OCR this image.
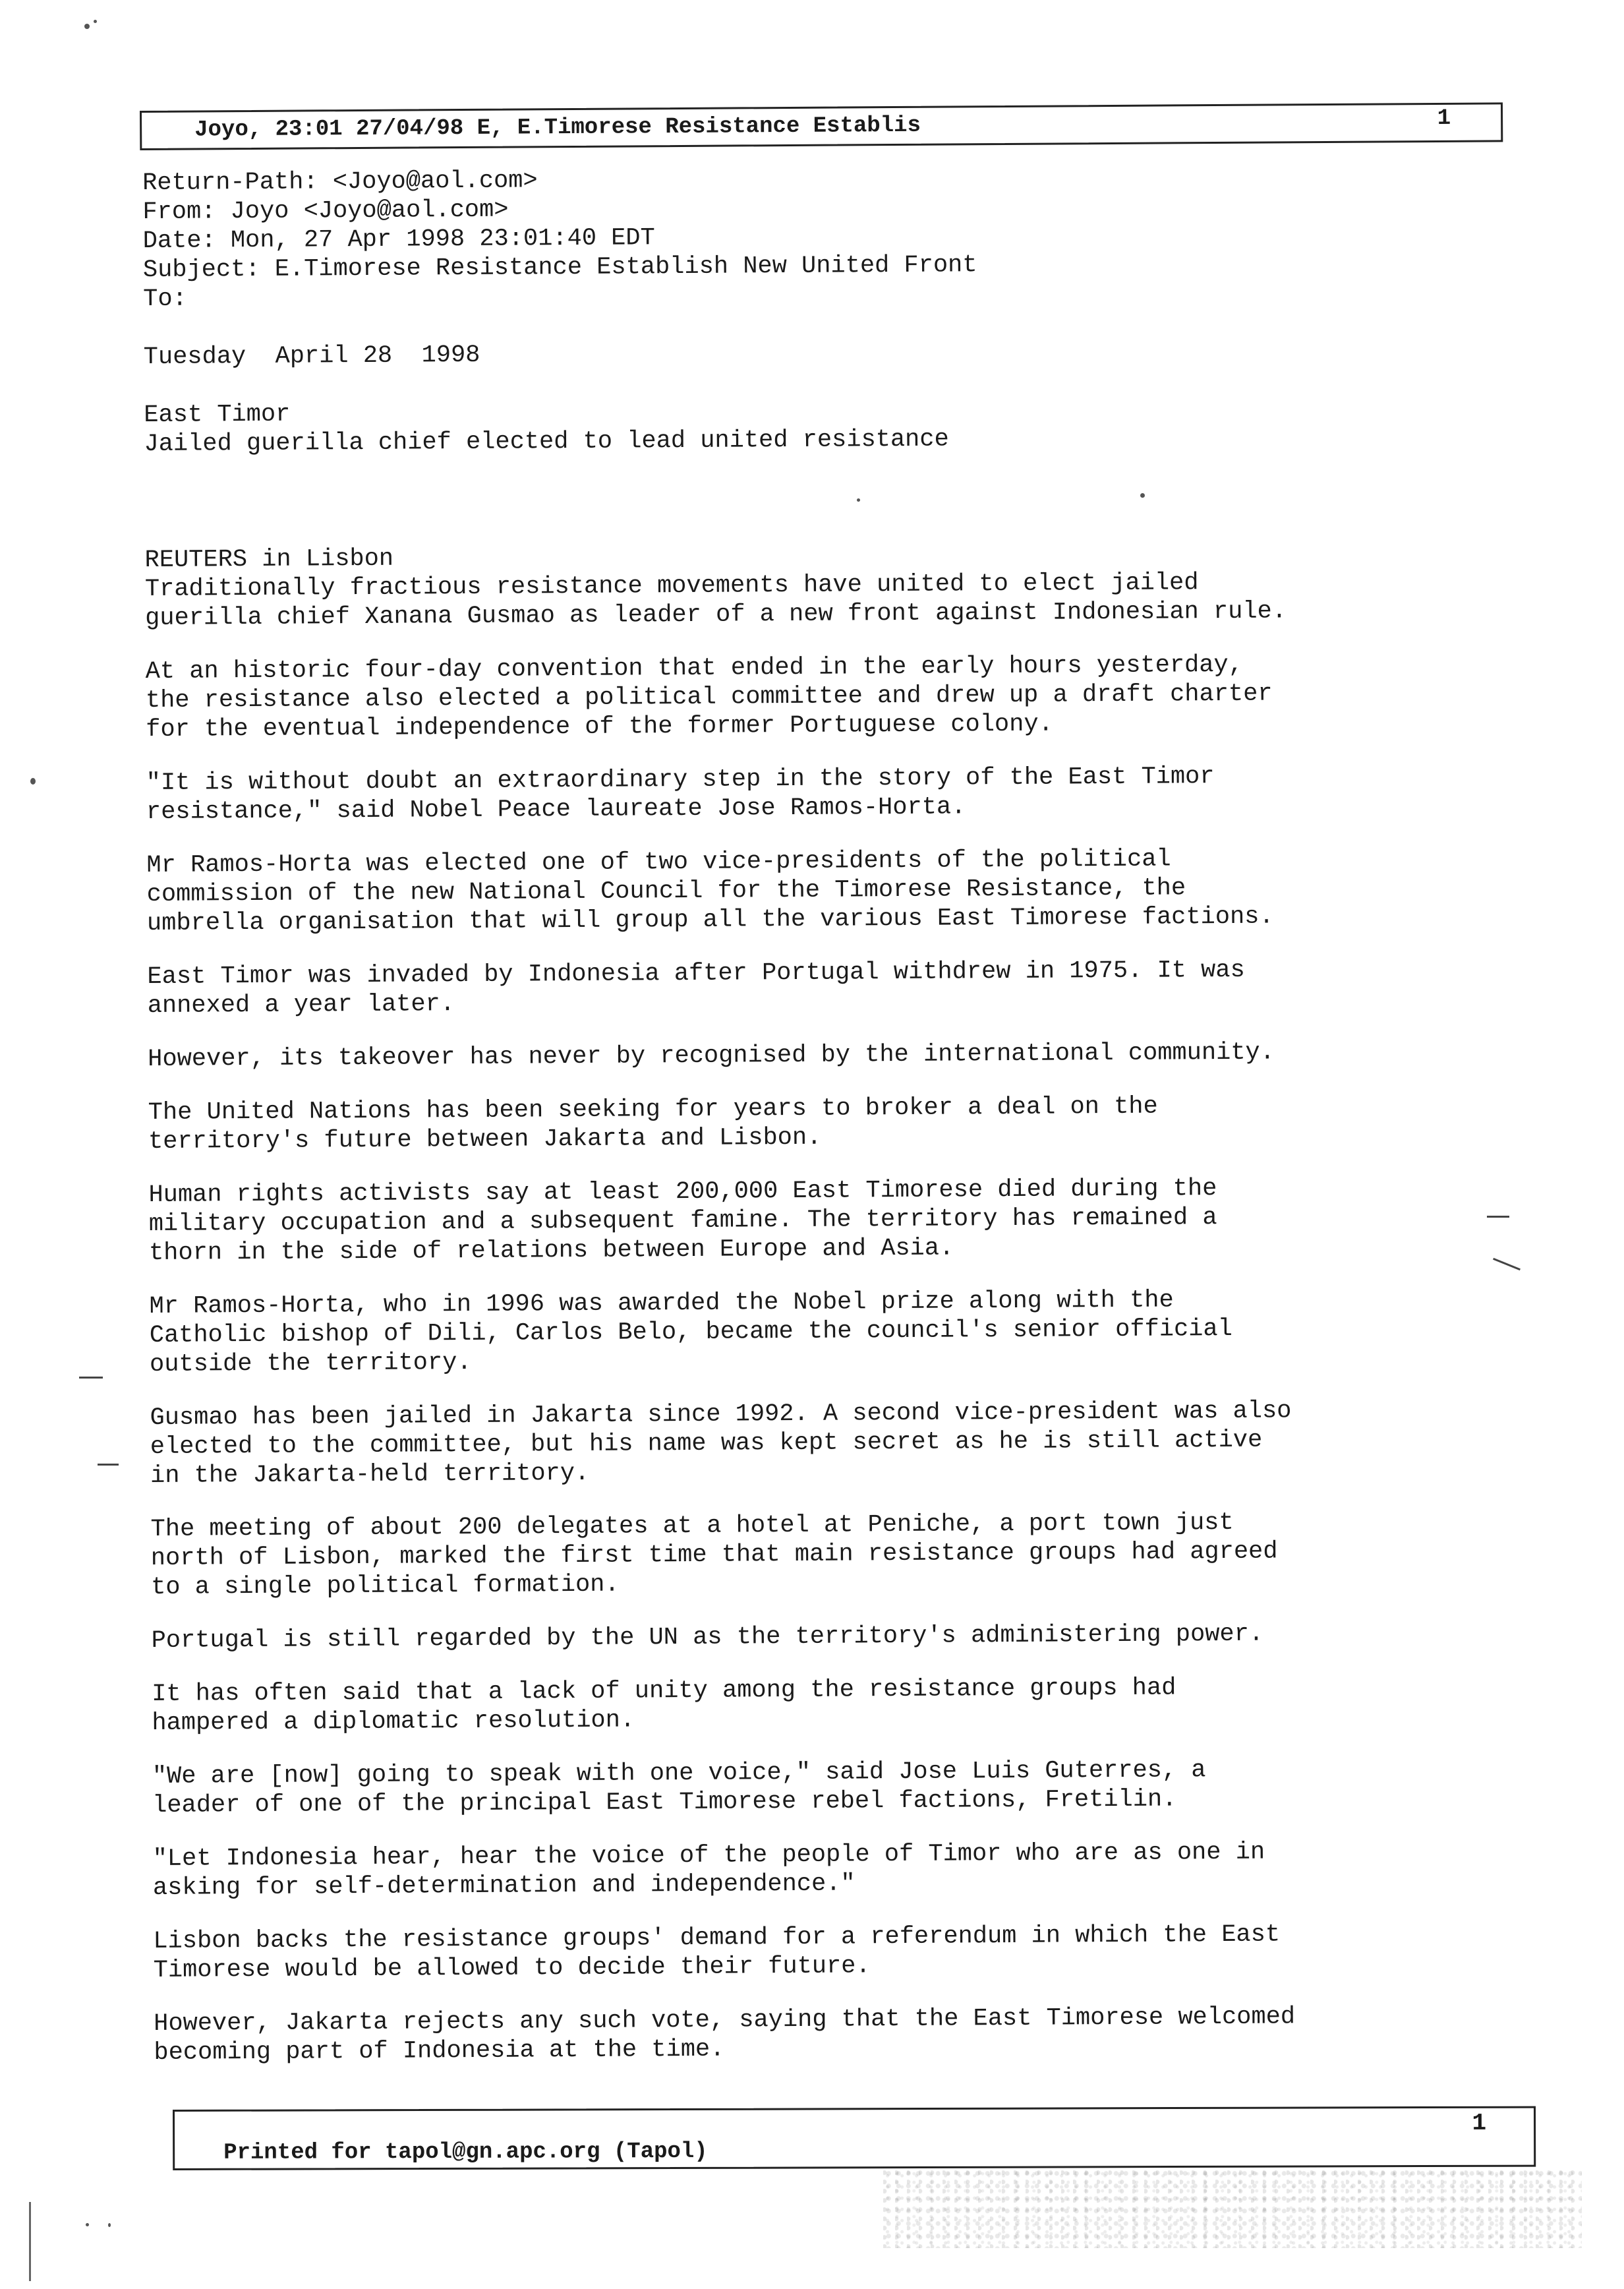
Joyo, 23:01 27/04/98 E, E.Timorese Resistance Establis	1
Return-Path: <Joyo@aol.com>
From: Joyo <Joyo@aol.com>
Date: Mon, 27 Apr 1998 23:01:40 EDT
Subject: E.Timorese Resistance Establish New United Front
To:
Tuesday  April 28  1998
East Timor
Jailed guerilla chief elected to lead united resistance
REUTERS in Lisbon
Traditionally fractious resistance movements have united to elect jailed
guerilla chief Xanana Gusmao as leader of a new front against Indonesian rule.
At an historic four-day convention that ended in the early hours yesterday,
the resistance also elected a political committee and drew up a draft charter
for the eventual independence of the former Portuguese colony.
"It is without doubt an extraordinary step in the story of the East Timor
resistance," said Nobel Peace laureate Jose Ramos-Horta.
Mr Ramos-Horta was elected one of two vice-presidents of the political
commission of the new National Council for the Timorese Resistance, the
umbrella organisation that will group all the various East Timorese factions.
East Timor was invaded by Indonesia after Portugal withdrew in 1975. It was
annexed a year later.
However, its takeover has never by recognised by the international community.
The United Nations has been seeking for years to broker a deal on the
territory's future between Jakarta and Lisbon.
Human rights activists say at least 200,000 East Timorese died during the
military occupation and a subsequent famine. The territory has remained a
thorn in the side of relations between Europe and Asia.
Mr Ramos-Horta, who in 1996 was awarded the Nobel prize along with the
Catholic bishop of Dili, Carlos Belo, became the council's senior official
outside the territory.
Gusmao has been jailed in Jakarta since 1992. A second vice-president was also
elected to the committee, but his name was kept secret as he is still active
in the Jakarta-held territory.
The meeting of about 200 delegates at a hotel at Peniche, a port town just
north of Lisbon, marked the first time that main resistance groups had agreed
to a single political formation.
Portugal is still regarded by the UN as the territory's administering power.
It has often said that a lack of unity among the resistance groups had
hampered a diplomatic resolution.
"We are [now] going to speak with one voice," said Jose Luis Guterres, a
leader of one of the principal East Timorese rebel factions, Fretilin.
"Let Indonesia hear, hear the voice of the people of Timor who are as one in
asking for self-determination and independence."
Lisbon backs the resistance groups' demand for a referendum in which the East
Timorese would be allowed to decide their future.
However, Jakarta rejects any such vote, saying that the East Timorese welcomed
becoming part of Indonesia at the time.
Printed for tapol@gn.apc.org (Tapol)
1
